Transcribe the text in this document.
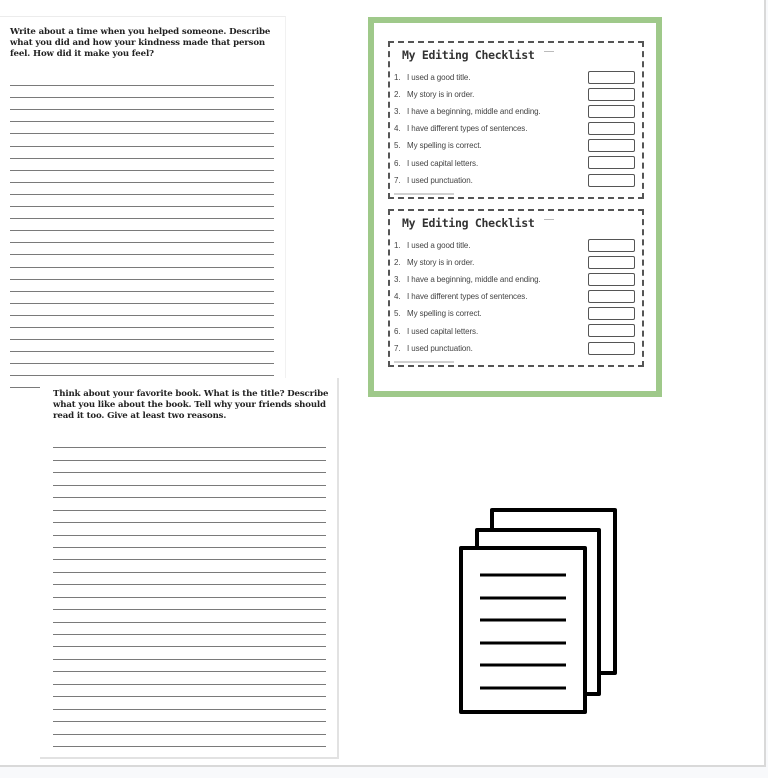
Write about a time when you helped someone. Describe what you did and how your kindness made that person feel. How did it make you feel?
Think about your favorite book. What is the title? Describe what you like about the book. Tell why your friends should read it too. Give at least two reasons.
My Editing Checklist
1. I used a good title.
2. My story is in order.
3. I have a beginning, middle and ending.
4. I have different types of sentences.
5. My spelling is correct.
6. I used capital letters.
7. I used punctuation.
My Editing Checklist
1. I used a good title.
2. My story is in order.
3. I have a beginning, middle and ending.
4. I have different types of sentences.
5. My spelling is correct.
6. I used capital letters.
7. I used punctuation.
